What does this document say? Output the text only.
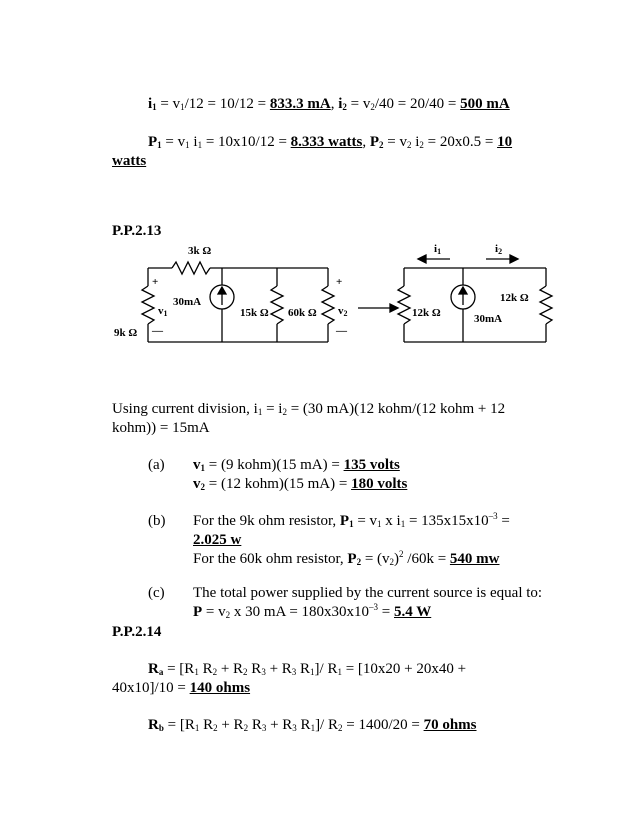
$i_1 = v_1/12 = 10/12 = 833.3$ mA, $i_2 = v_2/40 = 20/40 = 500$ mA
$P_1 = v_1$ $i_1 = 10x10/12 = 8.333$ watts, $P_2 = v_2$ $i_2 = 20x0.5 = 10$
watts
P.P.2.13
3k Ω
+
—
v1
30mA
15k Ω 60k Ω
+
—
v2
9k Ω
i1	i2
12k Ω
12k Ω
30mA
Using current division, $i_1 = i_2 = (30$ mA)(12 kohm/(12 kohm + 12
kohm)) = 15mA
(a) $v_1 = (9$ kohm)(15 mA) = 135 volts
$v_2 = (12$ kohm)(15 mA) = 180 volts
(b) For the 9k ohm resistor, $P_1 = v_1$ x $i_1 = 135x15x10^{-3}$ =
2.025 w
For the 60k ohm resistor, $P_2 = (v_2)^2$ /60k = 540 mw
(c) The total power supplied by the current source is equal to:
$P = v_2$ x 30 mA = $180x30x10^{-3} = 5.4$ W
P.P.2.14
$R_a = [R_1$ $R_2 + R_2$ $R_3 + R_3$ $R_1]/$ $R_1 = [10x20 + 20x40$ +
40x10]/10 = 140 ohms
$R_b = [R_1$ $R_2 + R_2$ $R_3 + R_3$ $R_1]/$ $R_2 = 1400/20 = 70$ ohms
